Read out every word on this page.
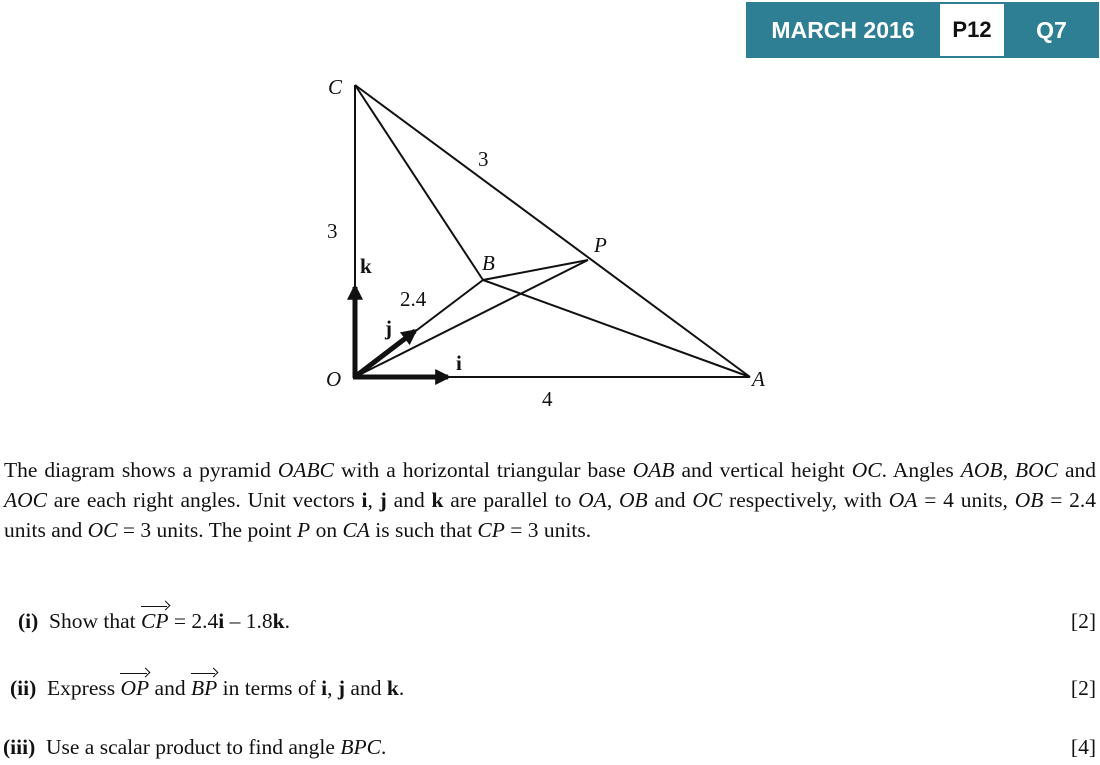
MARCH 2016	P12	Q7
C
O	A
B
P
3
4
2.4
3
k
j
i

The diagram shows a pyramid OABC with a horizontal triangular base OAB and vertical height OC. Angles AOB, BOC and AOC are each right angles. Unit vectors i, j and k are parallel to OA, OB and OC respectively, with OA = 4 units, OB = 2.4 units and OC = 3 units. The point P on CA is such that CP = 3 units.

(i) Show that CP = 2.4i – 1.8k.	[2]
(ii) Express OP and BP in terms of i, j and k.	[2]
(iii) Use a scalar product to find angle BPC.	[4]
